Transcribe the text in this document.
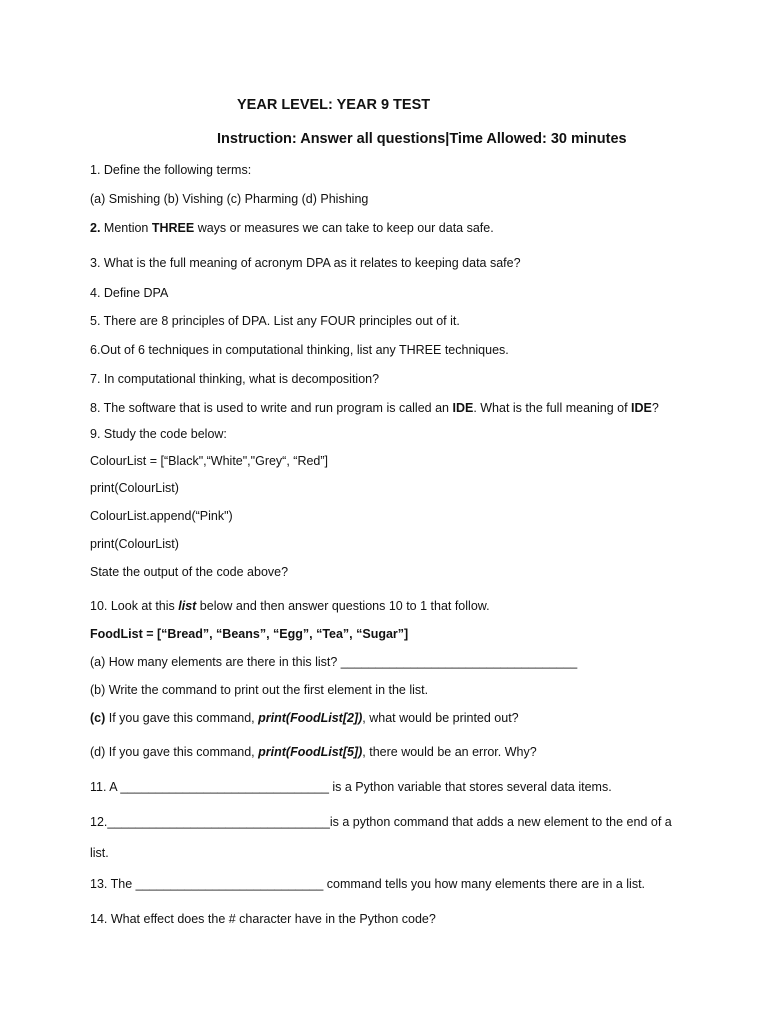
YEAR LEVEL: YEAR 9 TEST
Instruction: Answer all questions|Time Allowed: 30 minutes
1. Define the following terms:
(a) Smishing (b) Vishing (c) Pharming (d) Phishing
2. Mention THREE ways or measures we can take to keep our data safe.
3. What is the full meaning of acronym DPA as it relates to keeping data safe?
4. Define DPA
5. There are 8 principles of DPA. List any FOUR principles out of it.
6.Out of 6 techniques in computational thinking, list any THREE techniques.
7. In computational thinking, what is decomposition?
8. The software that is used to write and run program is called an IDE. What is the full meaning of IDE?
9. Study the code below:
ColourList = [“Black",“White","Grey“, “Red”]
print(ColourList)
ColourList.append(“Pink")
print(ColourList)
State the output of the code above?
10. Look at this list below and then answer questions 10 to 1 that follow.
FoodList = [“Bread”, “Beans”, “Egg”, “Tea”, “Sugar”]
(a) How many elements are there in this list? __________________________________
(b) Write the command to print out the first element in the list.
(c) If you gave this command, print(FoodList[2]), what would be printed out?
(d) If you gave this command, print(FoodList[5]), there would be an error. Why?
11. A ______________________________ is a Python variable that stores several data items.
12.________________________________is a python command that adds a new element to the end of a
list.
13. The ___________________________ command tells you how many elements there are in a list.
14. What effect does the # character have in the Python code?
